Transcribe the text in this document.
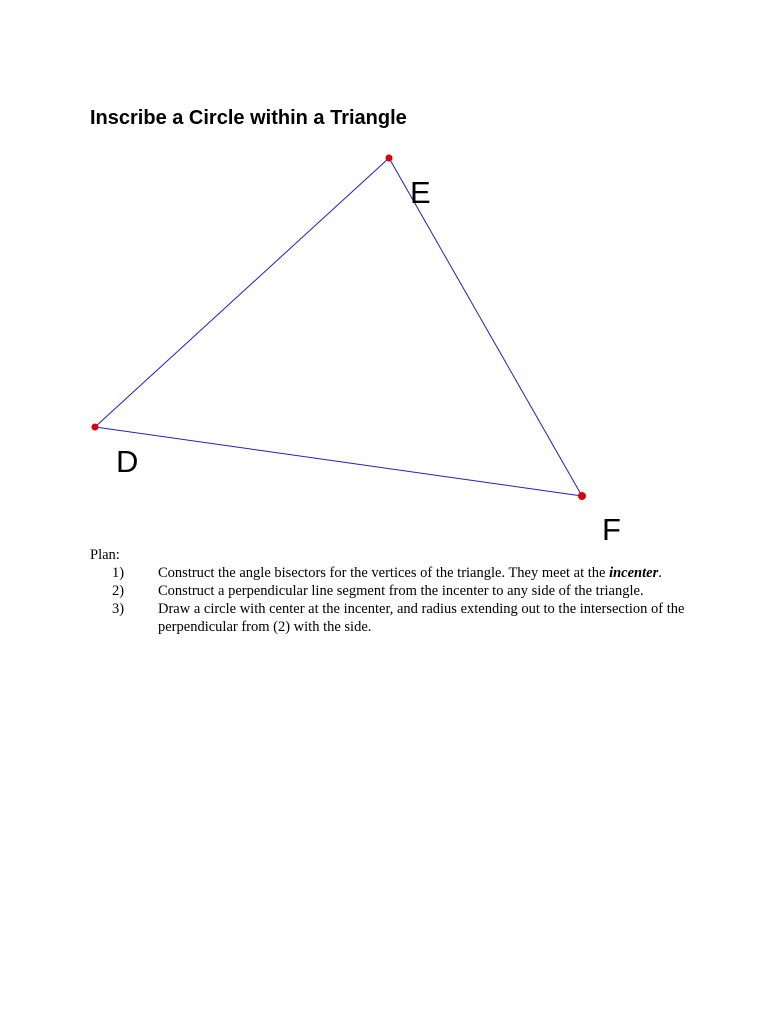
Inscribe a Circle within a Triangle
E
D
F
Plan:
1) Construct the angle bisectors for the vertices of the triangle. They meet at the incenter.
2) Construct a perpendicular line segment from the incenter to any side of the triangle.
3) Draw a circle with center at the incenter, and radius extending out to the intersection of the perpendicular from (2) with the side.
